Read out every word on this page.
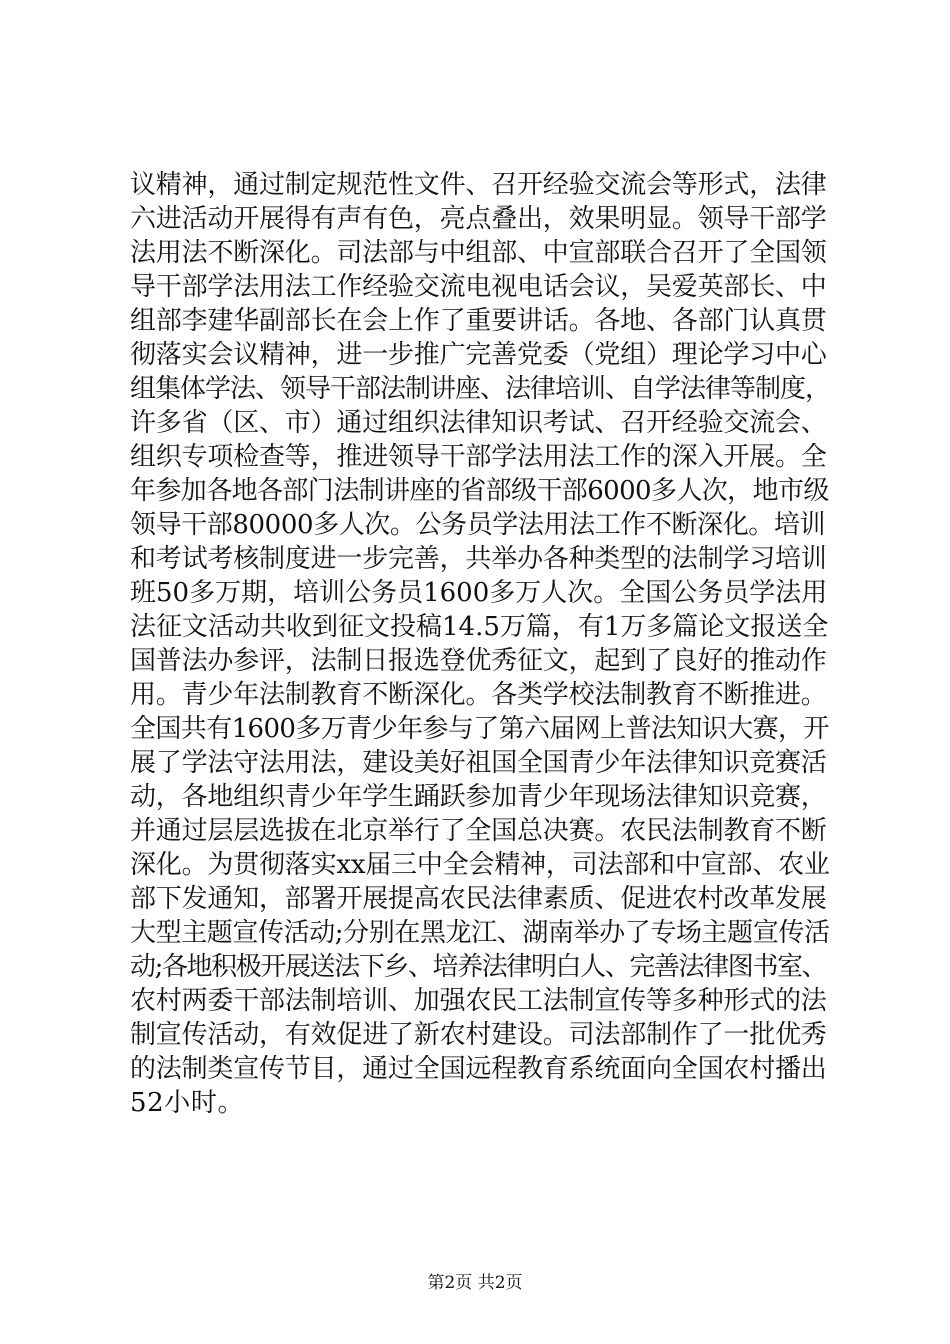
议精神，通过制定规范性文件、召开经验交流会等形式，法律
六进活动开展得有声有色，亮点叠出，效果明显。领导干部学
法用法不断深化。司法部与中组部、中宣部联合召开了全国领
导干部学法用法工作经验交流电视电话会议，吴爱英部长、中
组部李建华副部长在会上作了重要讲话。各地、各部门认真贯
彻落实会议精神，进一步推广完善党委（党组）理论学习中心
组集体学法、领导干部法制讲座、法律培训、自学法律等制度，
许多省（区、市）通过组织法律知识考试、召开经验交流会、
组织专项检查等，推进领导干部学法用法工作的深入开展。全
年参加各地各部门法制讲座的省部级干部6000多人次，地市级
领导干部80000多人次。公务员学法用法工作不断深化。培训
和考试考核制度进一步完善，共举办各种类型的法制学习培训
班50多万期，培训公务员1600多万人次。全国公务员学法用
法征文活动共收到征文投稿14.5万篇，有1万多篇论文报送全
国普法办参评，法制日报选登优秀征文，起到了良好的推动作
用。青少年法制教育不断深化。各类学校法制教育不断推进。
全国共有1600多万青少年参与了第六届网上普法知识大赛，开
展了学法守法用法，建设美好祖国全国青少年法律知识竞赛活
动，各地组织青少年学生踊跃参加青少年现场法律知识竞赛，
并通过层层选拔在北京举行了全国总决赛。农民法制教育不断
深化。为贯彻落实xx届三中全会精神，司法部和中宣部、农业
部下发通知，部署开展提高农民法律素质、促进农村改革发展
大型主题宣传活动;分别在黑龙江、湖南举办了专场主题宣传活
动;各地积极开展送法下乡、培养法律明白人、完善法律图书室、
农村两委干部法制培训、加强农民工法制宣传等多种形式的法
制宣传活动，有效促进了新农村建设。司法部制作了一批优秀
的法制类宣传节目，通过全国远程教育系统面向全国农村播出
52小时。
第2页 共2页
